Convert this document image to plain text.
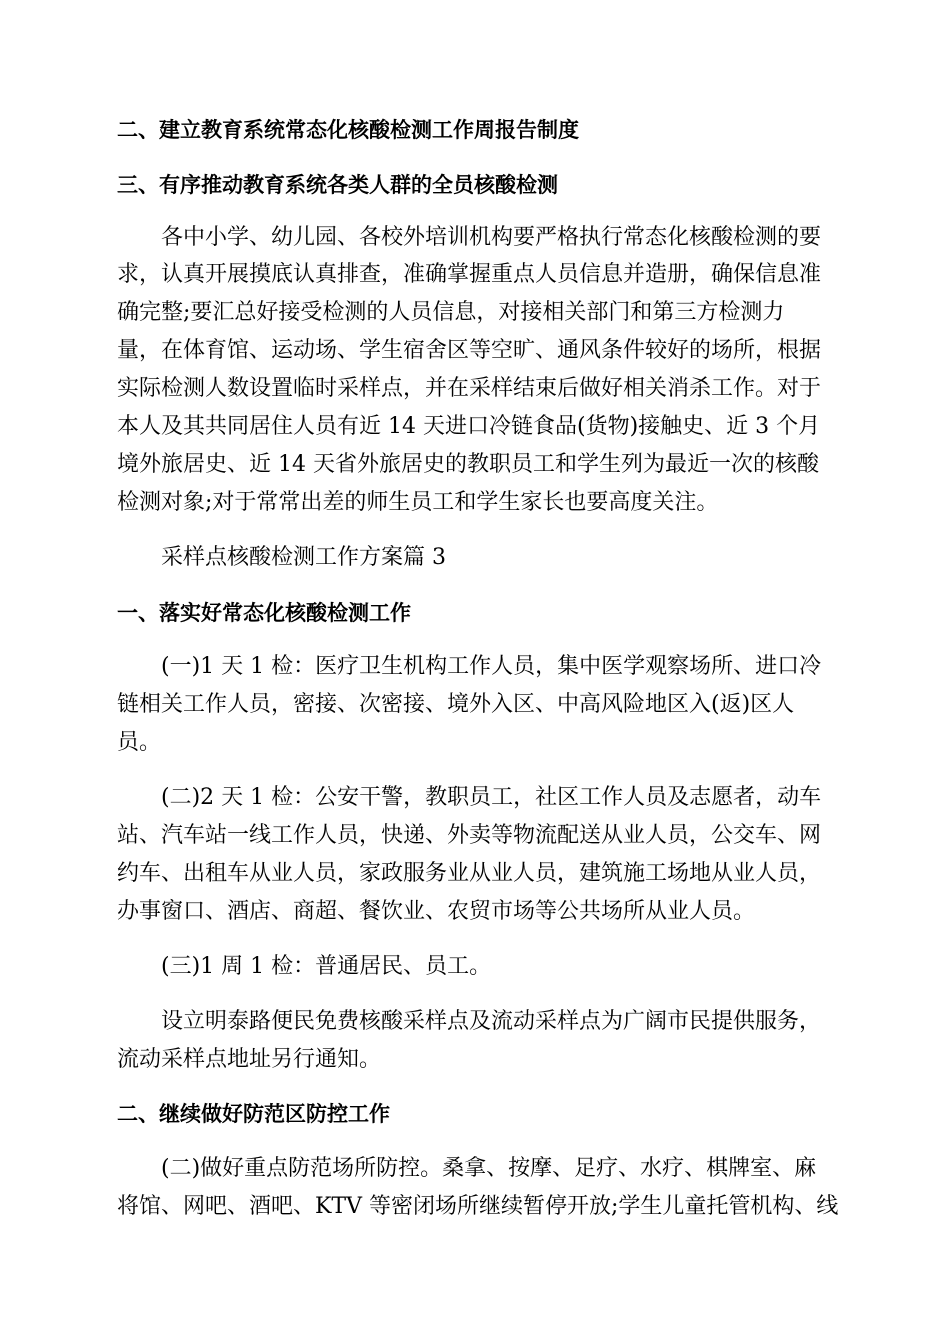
二、建立教育系统常态化核酸检测工作周报告制度
三、有序推动教育系统各类人群的全员核酸检测
各中小学、幼儿园、各校外培训机构要严格执行常态化核酸检测的要
求，认真开展摸底认真排查，准确掌握重点人员信息并造册，确保信息准
确完整;要汇总好接受检测的人员信息，对接相关部门和第三方检测力
量，在体育馆、运动场、学生宿舍区等空旷、通风条件较好的场所，根据
实际检测人数设置临时采样点，并在采样结束后做好相关消杀工作。对于
本人及其共同居住人员有近 14 天进口冷链食品(货物)接触史、近 3 个月
境外旅居史、近 14 天省外旅居史的教职员工和学生列为最近一次的核酸
检测对象;对于常常出差的师生员工和学生家长也要高度关注。
采样点核酸检测工作方案篇 3
一、落实好常态化核酸检测工作
(一)1 天 1 检：医疗卫生机构工作人员，集中医学观察场所、进口冷
链相关工作人员，密接、次密接、境外入区、中高风险地区入(返)区人
员。
(二)2 天 1 检：公安干警，教职员工，社区工作人员及志愿者，动车
站、汽车站一线工作人员，快递、外卖等物流配送从业人员，公交车、网
约车、出租车从业人员，家政服务业从业人员，建筑施工场地从业人员，
办事窗口、酒店、商超、餐饮业、农贸市场等公共场所从业人员。
(三)1 周 1 检：普通居民、员工。
设立明泰路便民免费核酸采样点及流动采样点为广阔市民提供服务，
流动采样点地址另行通知。
二、继续做好防范区防控工作
(二)做好重点防范场所防控。桑拿、按摩、足疗、水疗、棋牌室、麻
将馆、网吧、酒吧、KTV 等密闭场所继续暂停开放;学生儿童托管机构、线
